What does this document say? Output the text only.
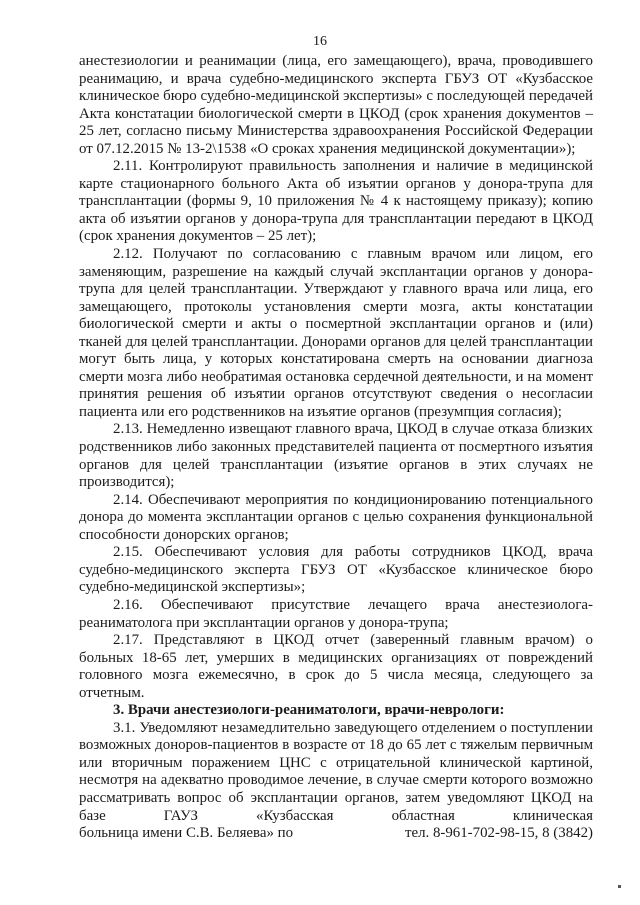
16

анестезиологии и реанимации (лица, его замещающего), врача, проводившего реанимацию, и врача судебно-медицинского эксперта ГБУЗ ОТ «Кузбасское клиническое бюро судебно-медицинской экспертизы» с последующей передачей Акта констатации биологической смерти в ЦКОД (срок хранения документов – 25 лет, согласно письму Министерства здравоохранения Российской Федерации от 07.12.2015 № 13-2\1538 «О сроках хранения медицинской документации»);

2.11. Контролируют правильность заполнения и наличие в медицинской карте стационарного больного Акта об изъятии органов у донора-трупа для трансплантации (формы 9, 10 приложения № 4 к настоящему приказу); копию акта об изъятии органов у донора-трупа для трансплантации передают в ЦКОД (срок хранения документов – 25 лет);

2.12. Получают по согласованию с главным врачом или лицом, его заменяющим, разрешение на каждый случай эксплантации органов у донора-трупа для целей трансплантации. Утверждают у главного врача или лица, его замещающего, протоколы установления смерти мозга, акты констатации биологической смерти и акты о посмертной эксплантации органов и (или) тканей для целей трансплантации. Донорами органов для целей трансплантации могут быть лица, у которых констатирована смерть на основании диагноза смерти мозга либо необратимая остановка сердечной деятельности, и на момент принятия решения об изъятии органов отсутствуют сведения о несогласии пациента или его родственников на изъятие органов (презумпция согласия);

2.13. Немедленно извещают главного врача, ЦКОД в случае отказа близких родственников либо законных представителей пациента от посмертного изъятия органов для целей трансплантации (изъятие органов в этих случаях не производится);

2.14. Обеспечивают мероприятия по кондиционированию потенциального донора до момента эксплантации органов с целью сохранения функциональной способности донорских органов;

2.15. Обеспечивают условия для работы сотрудников ЦКОД, врача судебно-медицинского эксперта ГБУЗ ОТ «Кузбасское клиническое бюро судебно-медицинской экспертизы»;

2.16. Обеспечивают присутствие лечащего врача анестезиолога-реаниматолога при эксплантации органов у донора-трупа;

2.17. Представляют в ЦКОД отчет (заверенный главным врачом) о больных 18-65 лет, умерших в медицинских организациях от повреждений головного мозга ежемесячно, в срок до 5 числа месяца, следующего за отчетным.

3. Врачи анестезиологи-реаниматологи, врачи-неврологи:

3.1. Уведомляют незамедлительно заведующего отделением о поступлении возможных доноров-пациентов в возрасте от 18 до 65 лет с тяжелым первичным или вторичным поражением ЦНС с отрицательной клинической картиной, несмотря на адекватно проводимое лечение, в случае смерти которого возможно рассматривать вопрос об эксплантации органов, затем уведомляют ЦКОД на базе ГАУЗ «Кузбасская областная клиническая

больница имени С.В. Беляева» по	тел. 8-961-702-98-15, 8 (3842)
